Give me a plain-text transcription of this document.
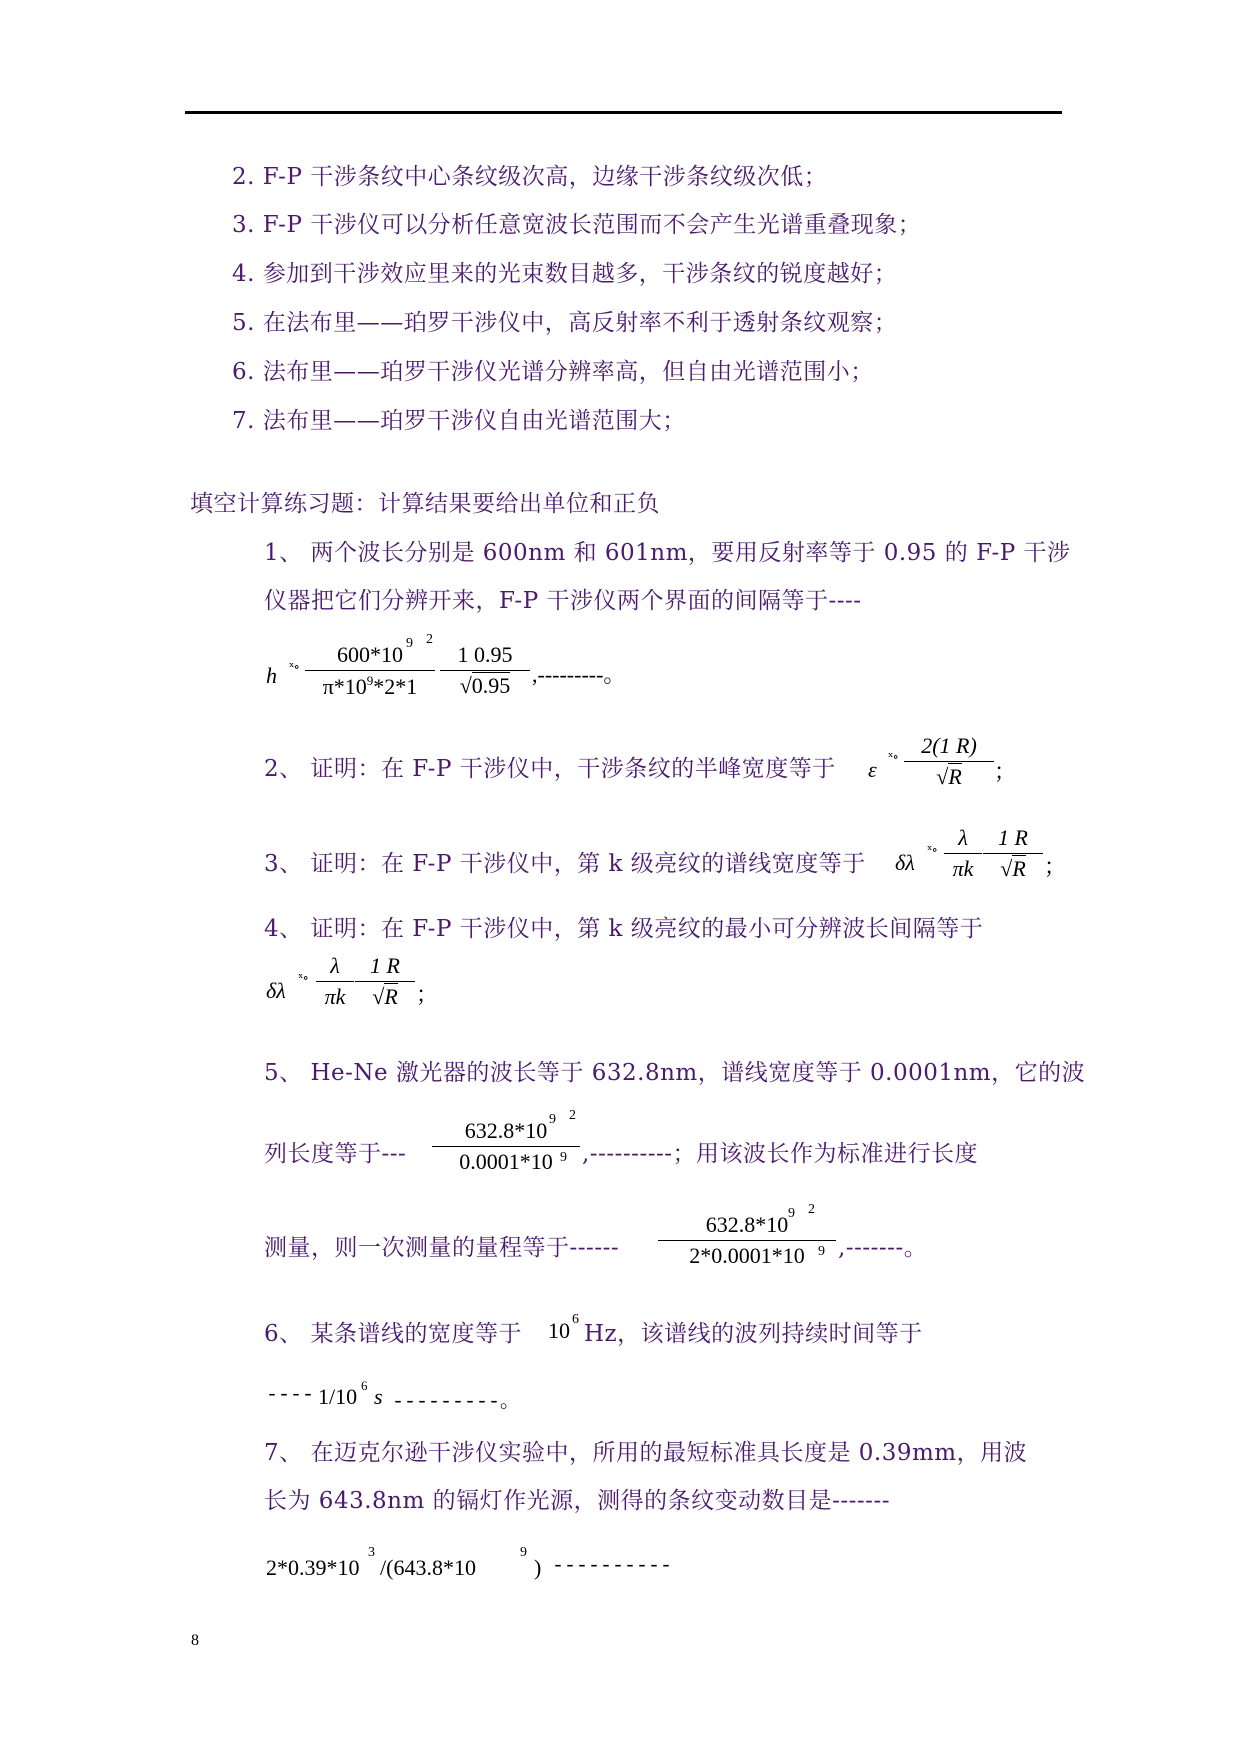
2. F-P 干涉条纹中心条纹级次高，边缘干涉条纹级次低；
3. F-P 干涉仪可以分析任意宽波长范围而不会产生光谱重叠现象；
4. 参加到干涉效应里来的光束数目越多，干涉条纹的锐度越好；
5. 在法布里——珀罗干涉仪中，高反射率不利于透射条纹观察；
6. 法布里——珀罗干涉仪光谱分辨率高，但自由光谱范围小；
7. 法布里——珀罗干涉仪自由光谱范围大；
填空计算练习题：计算结果要给出单位和正负
1、 两个波长分别是 600nm 和 601nm，要用反射率等于 0.95 的 F-P 干涉
仪器把它们分辨开来，F-P 干涉仪两个界面的间隔等于----
h ˣ∘ $\frac{600*10}{\pi*10^9*2*1}$
9 2
$\frac{1 0.95}{√0.95}$ ,---------。
2、 证明：在 F-P 干涉仪中，干涉条纹的半峰宽度等于 ε ˣ∘ $\frac{2(1 R)}{√R}$ ；
3、 证明：在 F-P 干涉仪中，第 k 级亮纹的谱线宽度等于 δλ ˣ∘ $\frac{\lambda}{\pi k} \frac{1 R}{√R}$ ；
4、 证明：在 F-P 干涉仪中，第 k 级亮纹的最小可分辨波长间隔等于
δλ ˣ∘ $\frac{\lambda}{\pi k} \frac{1 R}{√R}$ ；
5、 He-Ne 激光器的波长等于 632.8nm，谱线宽度等于 0.0001nm，它的波
列长度等于--- $\frac{632.8*10}{0.0001*10}$
9 2
9 ,----------；用该波长作为标准进行长度
测量，则一次测量的量程等于------ $\frac{632.8*10}{2*0.0001*10}$
9 2
9 ,-------。
6、 某条谱线的宽度等于 10 6
Hz，该谱线的波列持续时间等于
---- 1/10 6 s ---------。
7、 在迈克尔逊干涉仪实验中，所用的最短标准具长度是 0.39mm，用波
长为 643.8nm 的镉灯作光源，测得的条纹变动数目是-------
2*0.39*10
3
/(643.8*10
9
) ----------
8
